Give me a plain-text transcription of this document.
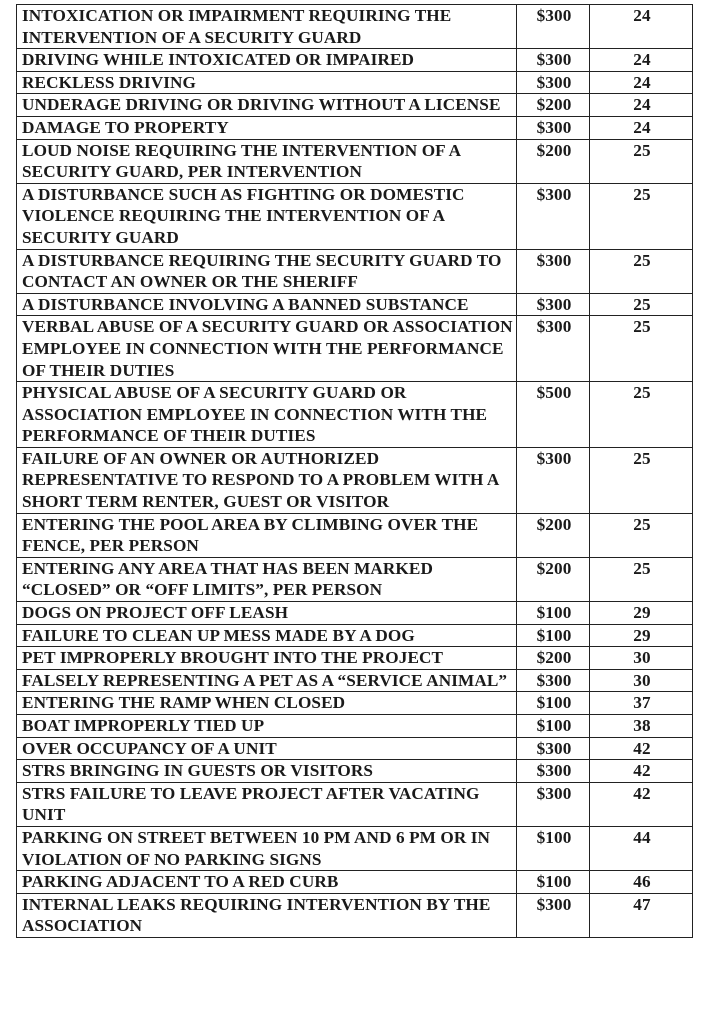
INTOXICATION OR IMPAIRMENT REQUIRING THE INTERVENTION OF A SECURITY GUARD	$300	24
DRIVING WHILE INTOXICATED OR IMPAIRED	$300	24
RECKLESS DRIVING	$300	24
UNDERAGE DRIVING OR DRIVING WITHOUT A LICENSE	$200	24
DAMAGE TO PROPERTY	$300	24
LOUD NOISE REQUIRING THE INTERVENTION OF A SECURITY GUARD, PER INTERVENTION	$200	25
A DISTURBANCE SUCH AS FIGHTING OR DOMESTIC VIOLENCE REQUIRING THE INTERVENTION OF A SECURITY GUARD	$300	25
A DISTURBANCE REQUIRING THE SECURITY GUARD TO CONTACT AN OWNER OR THE SHERIFF	$300	25
A DISTURBANCE INVOLVING A BANNED SUBSTANCE	$300	25
VERBAL ABUSE OF A SECURITY GUARD OR ASSOCIATION EMPLOYEE IN CONNECTION WITH THE PERFORMANCE OF THEIR DUTIES	$300	25
PHYSICAL ABUSE OF A SECURITY GUARD OR ASSOCIATION EMPLOYEE IN CONNECTION WITH THE PERFORMANCE OF THEIR DUTIES	$500	25
FAILURE OF AN OWNER OR AUTHORIZED REPRESENTATIVE TO RESPOND TO A PROBLEM WITH A SHORT TERM RENTER, GUEST OR VISITOR	$300	25
ENTERING THE POOL AREA BY CLIMBING OVER THE FENCE, PER PERSON	$200	25
ENTERING ANY AREA THAT HAS BEEN MARKED “CLOSED” OR “OFF LIMITS”, PER PERSON	$200	25
DOGS ON PROJECT OFF LEASH	$100	29
FAILURE TO CLEAN UP MESS MADE BY A DOG	$100	29
PET IMPROPERLY BROUGHT INTO THE PROJECT	$200	30
FALSELY REPRESENTING A PET AS A “SERVICE ANIMAL”	$300	30
ENTERING THE RAMP WHEN CLOSED	$100	37
BOAT IMPROPERLY TIED UP	$100	38
OVER OCCUPANCY OF A UNIT	$300	42
STRS BRINGING IN GUESTS OR VISITORS	$300	42
STRS FAILURE TO LEAVE PROJECT AFTER VACATING UNIT	$300	42
PARKING ON STREET BETWEEN 10 PM AND 6 PM OR IN VIOLATION OF NO PARKING SIGNS	$100	44
PARKING ADJACENT TO A RED CURB	$100	46
INTERNAL LEAKS REQUIRING INTERVENTION BY THE ASSOCIATION	$300	47
